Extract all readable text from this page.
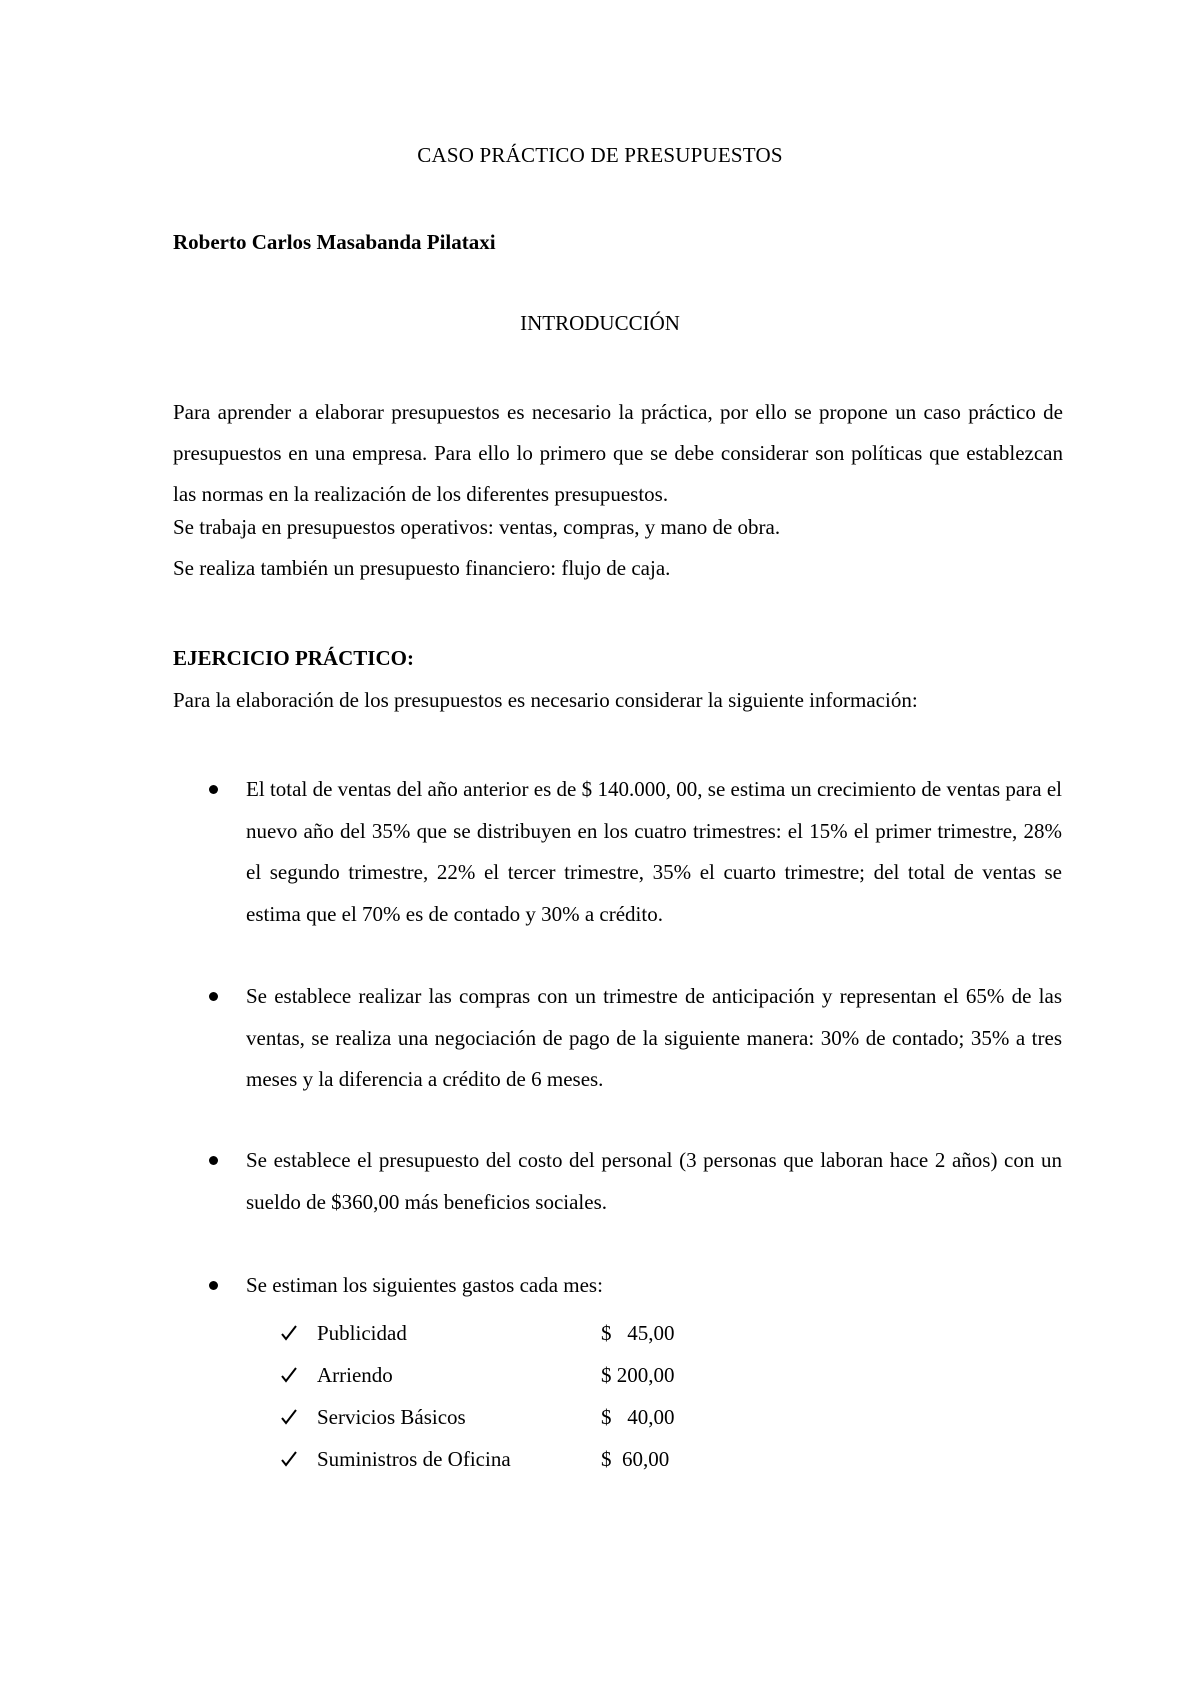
CASO PRÁCTICO DE PRESUPUESTOS

Roberto Carlos Masabanda Pilataxi

INTRODUCCIÓN

Para aprender a elaborar presupuestos es necesario la práctica, por ello se propone un caso práctico de presupuestos en una empresa. Para ello lo primero que se debe considerar son políticas que establezcan las normas en la realización de los diferentes presupuestos.

Se trabaja en presupuestos operativos: ventas, compras, y mano de obra.

Se realiza también un presupuesto financiero: flujo de caja.

EJERCICIO PRÁCTICO:

Para la elaboración de los presupuestos es necesario considerar la siguiente información:

El total de ventas del año anterior es de $ 140.000, 00, se estima un crecimiento de ventas para el nuevo año del 35% que se distribuyen en los cuatro trimestres: el 15% el primer trimestre, 28% el segundo trimestre, 22% el tercer trimestre, 35% el cuarto trimestre; del total de ventas se estima que el 70% es de contado y 30% a crédito.

Se establece realizar las compras con un trimestre de anticipación y representan el 65% de las ventas, se realiza una negociación de pago de la siguiente manera: 30% de contado; 35% a tres meses y la diferencia a crédito de 6 meses.

Se establece el presupuesto del costo del personal (3 personas que laboran hace 2 años) con un sueldo de $360,00 más beneficios sociales.

Se estiman los siguientes gastos cada mes:

Publicidad	$   45,00
Arriendo	$ 200,00
Servicios Básicos	$   40,00
Suministros de Oficina	$  60,00
